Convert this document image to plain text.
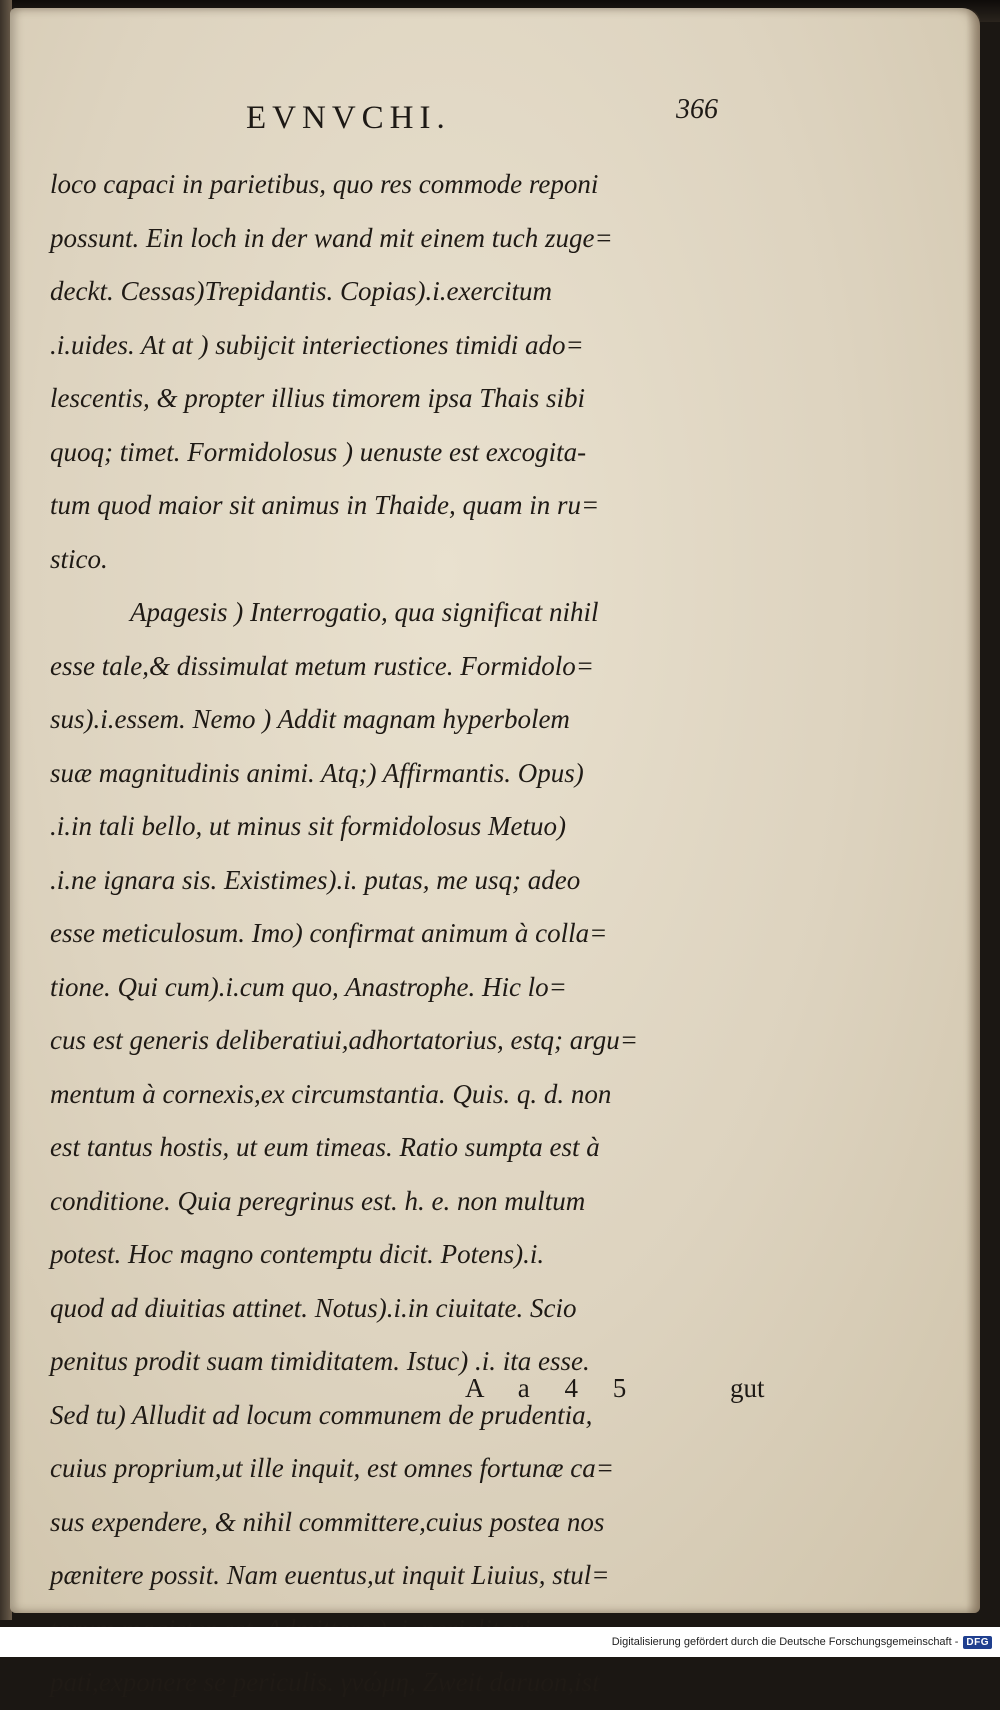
EVNVCHI.	366
loco capaci in parietibus, quo res commode reponi
possunt. Ein loch in der wand mit einem tuch zuge=
deckt. Cessas)Trepidantis. Copias).i.exercitum
.i.uides. At at ) subijcit interiectiones timidi ado=
lescentis, & propter illius timorem ipsa Thais sibi
quoq; timet. Formidolosus ) uenuste est excogita-
tum quod maior sit animus in Thaide, quam in ru=
stico.
Apagesis ) Interrogatio, qua significat nihil
esse tale,& dissimulat metum rustice. Formidolo=
sus).i.essem. Nemo ) Addit magnam hyperbolem
suæ magnitudinis animi. Atq;) Affirmantis. Opus)
.i.in tali bello, ut minus sit formidolosus Metuo)
.i.ne ignara sis. Existimes).i. putas, me usq; adeo
esse meticulosum. Imo) confirmat animum à colla=
tione. Qui cum).i.cum quo, Anastrophe. Hic lo=
cus est generis deliberatiui,adhortatorius, estq; argu=
mentum à cornexis,ex circumstantia. Quis. q. d. non
est tantus hostis, ut eum timeas. Ratio sumpta est à
conditione. Quia peregrinus est. h. e. non multum
potest. Hoc magno contemptu dicit. Potens).i.
quod ad diuitias attinet. Notus).i.in ciuitate. Scio
penitus prodit suam timiditatem. Istuc) .i. ita esse.
Sed tu) Alludit ad locum communem de prudentia,
cuius proprium,ut ille inquit, est omnes fortunæ ca=
sus expendere, & nihil committere,cuius postea nos
pænitere possit. Nam euentus,ut inquit Liuius, stul=
pati,exponere se periculis. γνώμη, Zweit daruon,ist
A a 4 5	gut
Digitalisierung gefördert durch die Deutsche Forschungsgemeinschaft - DFG
